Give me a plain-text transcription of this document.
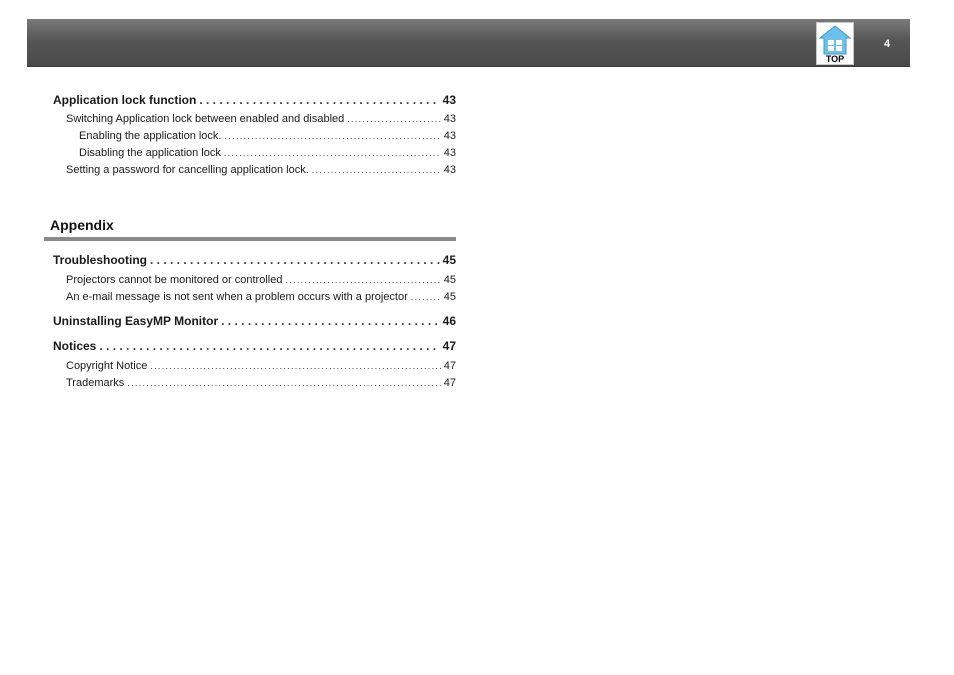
TOP
4
Application lock function . . .	43
Switching Application lock between enabled and disabled . . .	43
Enabling the application lock. . . .	43
Disabling the application lock . . .	43
Setting a password for cancelling application lock. . . .	43
Appendix
Troubleshooting . . .	45
Projectors cannot be monitored or controlled . . .	45
An e-mail message is not sent when a problem occurs with a projector . . .	45
Uninstalling EasyMP Monitor . . .	46
Notices . . .	47
Copyright Notice . . .	47
Trademarks . . .	47
